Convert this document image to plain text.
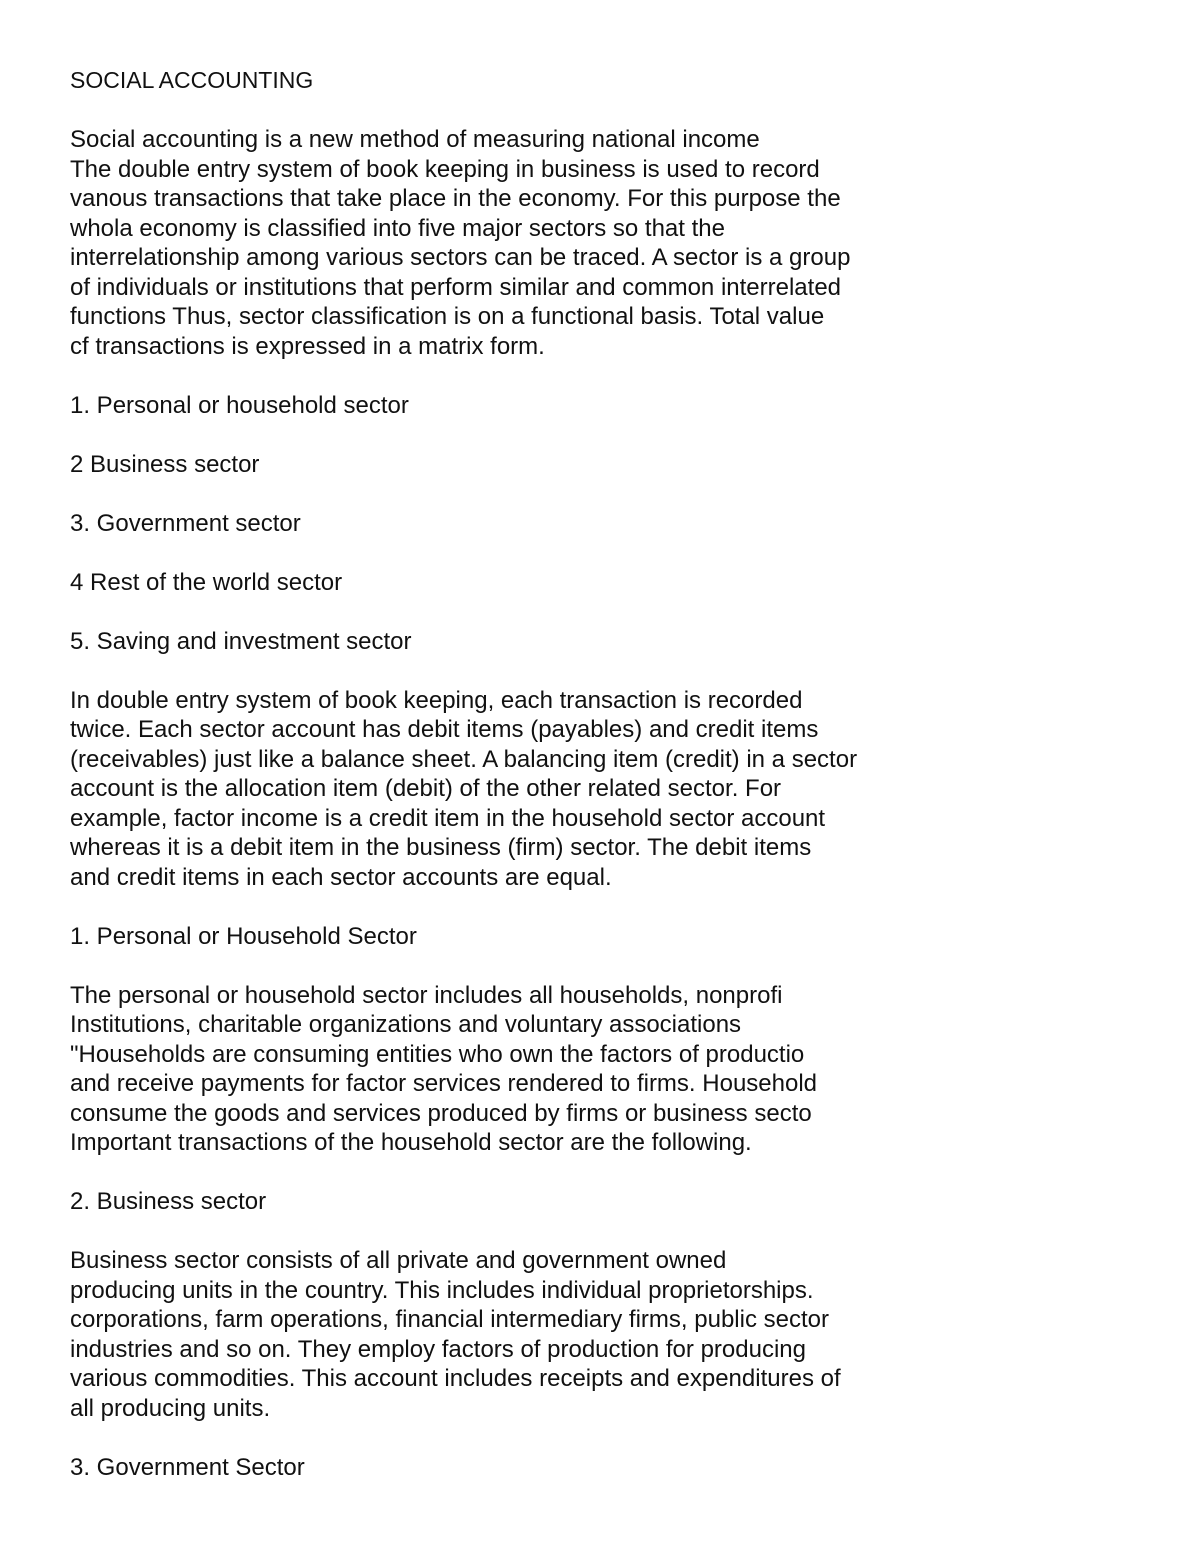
SOCIAL ACCOUNTING
Social accounting is a new method of measuring national income
The double entry system of book keeping in business is used to record
vanous transactions that take place in the economy. For this purpose the
whola economy is classified into five major sectors so that the
interrelationship among various sectors can be traced. A sector is a group
of individuals or institutions that perform similar and common interrelated
functions Thus, sector classification is on a functional basis. Total value
cf transactions is expressed in a matrix form.
1. Personal or household sector
2 Business sector
3. Government sector
4 Rest of the world sector
5. Saving and investment sector
In double entry system of book keeping, each transaction is recorded
twice. Each sector account has debit items (payables) and credit items
(receivables) just like a balance sheet. A balancing item (credit) in a sector
account is the allocation item (debit) of the other related sector. For
example, factor income is a credit item in the household sector account
whereas it is a debit item in the business (firm) sector. The debit items
and credit items in each sector accounts are equal.
1. Personal or Household Sector
The personal or household sector includes all households, nonprofi
Institutions, charitable organizations and voluntary associations
"Households are consuming entities who own the factors of productio
and receive payments for factor services rendered to firms. Household
consume the goods and services produced by firms or business secto
Important transactions of the household sector are the following.
2. Business sector
Business sector consists of all private and government owned
producing units in the country. This includes individual proprietorships.
corporations, farm operations, financial intermediary firms, public sector
industries and so on. They employ factors of production for producing
various commodities. This account includes receipts and expenditures of
all producing units.
3. Government Sector
